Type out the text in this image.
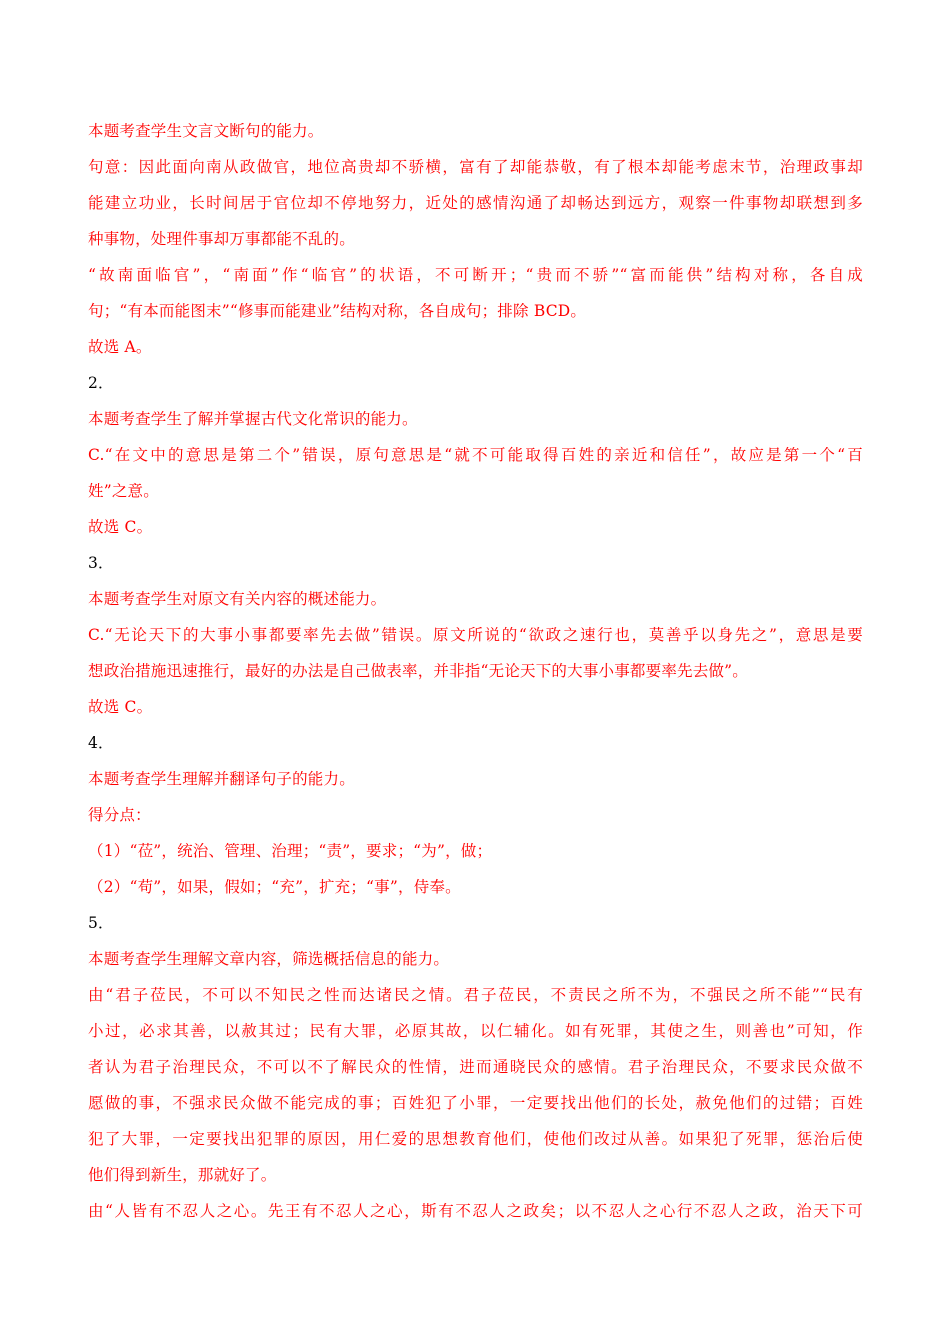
本题考查学生文言文断句的能力。
句意：因此面向南从政做官，地位高贵却不骄横，富有了却能恭敬，有了根本却能考虑末节，治理政事却
能建立功业，长时间居于官位却不停地努力，近处的感情沟通了却畅达到远方，观察一件事物却联想到多
种事物，处理件事却万事都能不乱的。
“故南面临官”，“南面”作“临官”的状语，不可断开；“贵而不骄”“富而能供”结构对称，各自成
句；“有本而能图末”“修事而能建业”结构对称，各自成句；排除 BCD。
故选 A。
2．
本题考查学生了解并掌握古代文化常识的能力。
C.“在文中的意思是第二个”错误，原句意思是“就不可能取得百姓的亲近和信任”，故应是第一个“百
姓”之意。
故选 C。
3．
本题考查学生对原文有关内容的概述能力。
C.“无论天下的大事小事都要率先去做”错误。原文所说的“欲政之速行也，莫善乎以身先之”，意思是要
想政治措施迅速推行，最好的办法是自己做表率，并非指“无论天下的大事小事都要率先去做”。
故选 C。
4．
本题考查学生理解并翻译句子的能力。
得分点：
（1）“莅”，统治、管理、治理；“责”，要求；“为”，做；
（2）“苟”，如果，假如；“充”，扩充；“事”，侍奉。
5．
本题考查学生理解文章内容，筛选概括信息的能力。
由“君子莅民，不可以不知民之性而达诸民之情。君子莅民，不责民之所不为，不强民之所不能”“民有
小过，必求其善，以赦其过；民有大罪，必原其故，以仁辅化。如有死罪，其使之生，则善也”可知，作
者认为君子治理民众，不可以不了解民众的性情，进而通晓民众的感情。君子治理民众，不要求民众做不
愿做的事，不强求民众做不能完成的事；百姓犯了小罪，一定要找出他们的长处，赦免他们的过错；百姓
犯了大罪，一定要找出犯罪的原因，用仁爱的思想教育他们，使他们改过从善。如果犯了死罪，惩治后使
他们得到新生，那就好了。
由“人皆有不忍人之心。先王有不忍人之心，斯有不忍人之政矣；以不忍人之心行不忍人之政，治天下可
